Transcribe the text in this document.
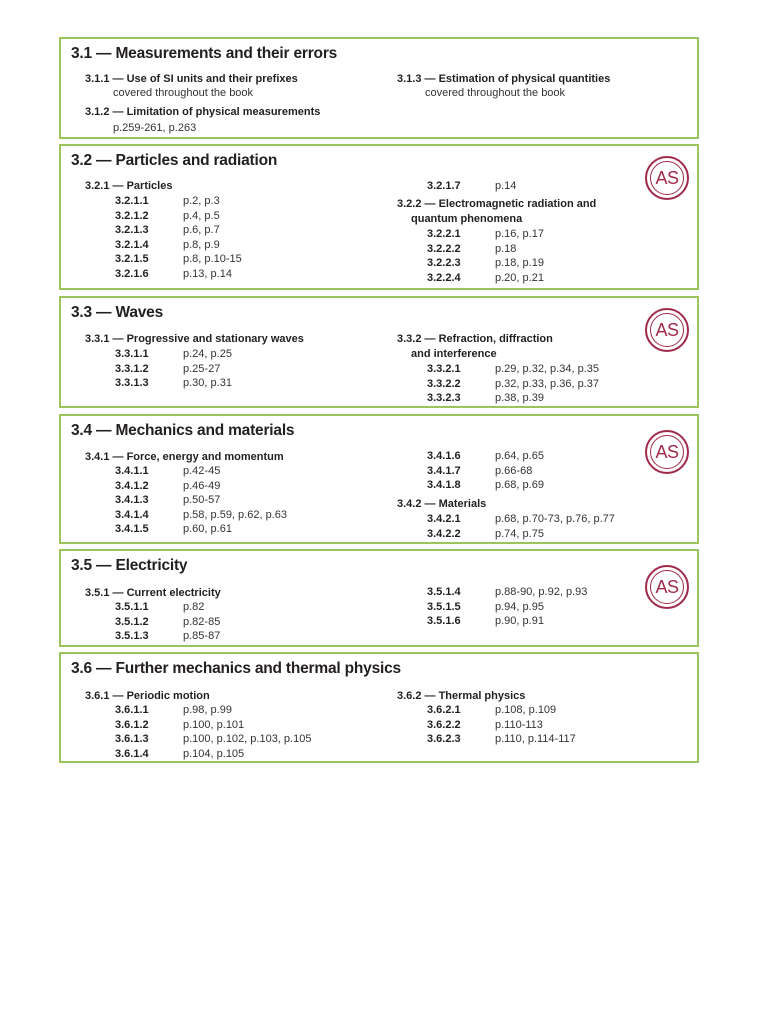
3.1 — Measurements and their errors
3.1.1 — Use of SI units and their prefixes
covered throughout the book
3.1.2 — Limitation of physical measurements
p.259-261, p.263
3.1.3 — Estimation of physical quantities
covered throughout the book
3.2 — Particles and radiation
AS
3.2.1 — Particles
3.2.1.1	p.2, p.3
3.2.1.2	p.4, p.5
3.2.1.3	p.6, p.7
3.2.1.4	p.8, p.9
3.2.1.5	p.8, p.10-15
3.2.1.6	p.13, p.14
3.2.1.7	p.14
3.2.2 — Electromagnetic radiation and
quantum phenomena
3.2.2.1	p.16, p.17
3.2.2.2	p.18
3.2.2.3	p.18, p.19
3.2.2.4	p.20, p.21
3.3 — Waves
AS
3.3.1 — Progressive and stationary waves
3.3.1.1	p.24, p.25
3.3.1.2	p.25-27
3.3.1.3	p.30, p.31
3.3.2 — Refraction, diffraction
and interference
3.3.2.1	p.29, p.32, p.34, p.35
3.3.2.2	p.32, p.33, p.36, p.37
3.3.2.3	p.38, p.39
3.4 — Mechanics and materials
AS
3.4.1 — Force, energy and momentum
3.4.1.1	p.42-45
3.4.1.2	p.46-49
3.4.1.3	p.50-57
3.4.1.4	p.58, p.59, p.62, p.63
3.4.1.5	p.60, p.61
3.4.1.6	p.64, p.65
3.4.1.7	p.66-68
3.4.1.8	p.68, p.69
3.4.2 — Materials
3.4.2.1	p.68, p.70-73, p.76, p.77
3.4.2.2	p.74, p.75
3.5 — Electricity
AS
3.5.1 — Current electricity
3.5.1.1	p.82
3.5.1.2	p.82-85
3.5.1.3	p.85-87
3.5.1.4	p.88-90, p.92, p.93
3.5.1.5	p.94, p.95
3.5.1.6	p.90, p.91
3.6 — Further mechanics and thermal physics
3.6.1 — Periodic motion
3.6.1.1	p.98, p.99
3.6.1.2	p.100, p.101
3.6.1.3	p.100, p.102, p.103, p.105
3.6.1.4	p.104, p.105
3.6.2 — Thermal physics
3.6.2.1	p.108, p.109
3.6.2.2	p.110-113
3.6.2.3	p.110, p.114-117
